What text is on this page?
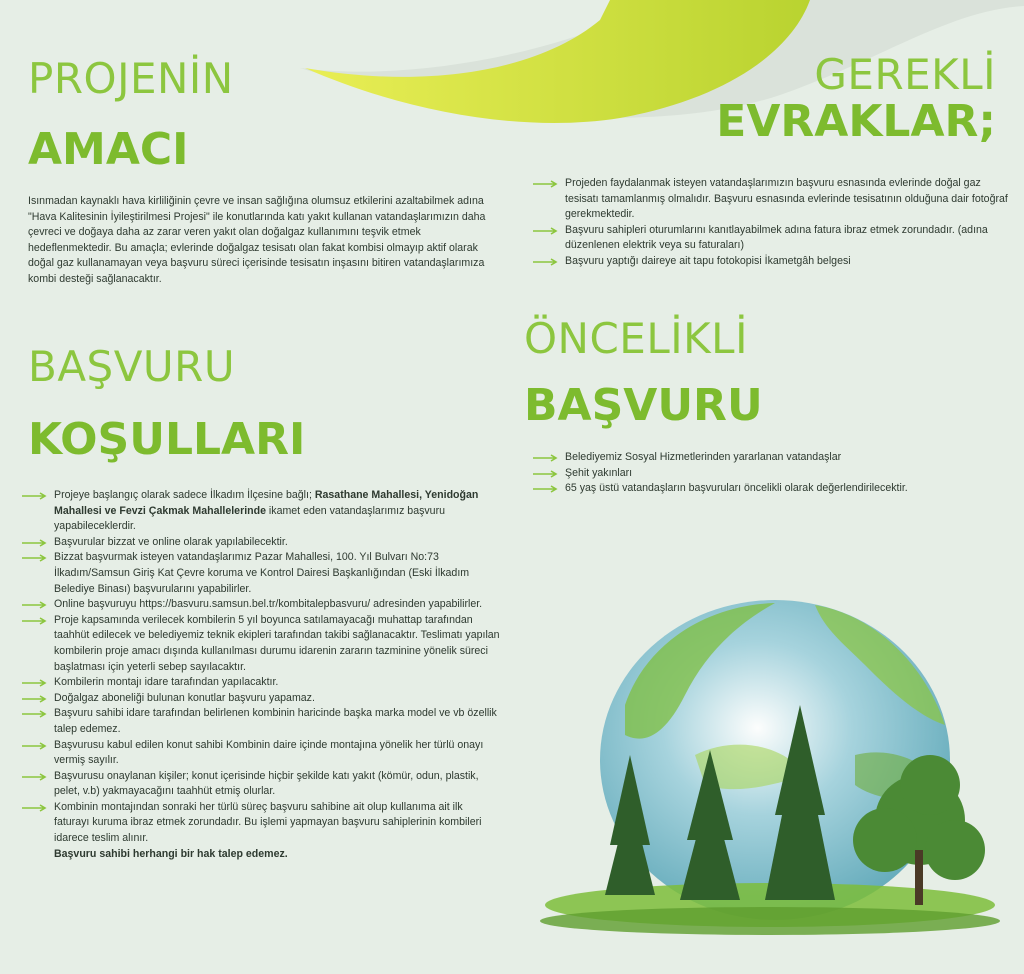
PROJENİN
AMACI

Isınmadan kaynaklı hava kirliliğinin çevre ve insan sağlığına olumsuz etkilerini azaltabilmek adına "Hava Kalitesinin İyileştirilmesi Projesi" ile konutlarında katı yakıt kullanan vatandaşlarımızın daha çevreci ve doğaya daha az zarar veren yakıt olan doğalgaz kullanımını teşvik etmek hedeflenmektedir. Bu amaçla; evlerinde doğalgaz tesisatı olan fakat kombisi olmayıp aktif olarak doğal gaz kullanamayan veya başvuru süreci içerisinde tesisatın inşasını bitiren vatandaşlarımıza kombi desteği sağlanacaktır.

BAŞVURU
KOŞULLARI
Projeye başlangıç olarak sadece İlkadım İlçesine bağlı; Rasathane Mahallesi, Yenidoğan Mahallesi ve Fevzi Çakmak Mahallelerinde ikamet eden vatandaşlarımız başvuru yapabileceklerdir.
Başvurular bizzat ve online olarak yapılabilecektir.
Bizzat başvurmak isteyen vatandaşlarımız Pazar Mahallesi, 100. Yıl Bulvarı No:73 İlkadım/Samsun Giriş Kat Çevre koruma ve Kontrol Dairesi Başkanlığından (Eski İlkadım Belediye Binası) başvurularını yapabilirler.
Online başvuruyu https://basvuru.samsun.bel.tr/kombitalepbasvuru/ adresinden yapabilirler.
Proje kapsamında verilecek kombilerin 5 yıl boyunca satılamayacağı muhattap tarafından taahhüt edilecek ve belediyemiz teknik ekipleri tarafından takibi sağlanacaktır. Teslimatı yapılan kombilerin proje amacı dışında kullanılması durumu idarenin zararın tazminine yönelik süreci başlatması için yeterli sebep sayılacaktır.
Kombilerin montajı idare tarafından yapılacaktır.
Doğalgaz aboneliği bulunan konutlar başvuru yapamaz.
Başvuru sahibi idare tarafından belirlenen kombinin haricinde başka marka model ve vb özellik talep edemez.
Başvurusu kabul edilen konut sahibi Kombinin daire içinde montajına yönelik her türlü onayı vermiş sayılır.
Başvurusu onaylanan kişiler; konut içerisinde hiçbir şekilde katı yakıt (kömür, odun, plastik, pelet, v.b) yakmayacağını taahhüt etmiş olurlar.
Kombinin montajından sonraki her türlü süreç başvuru sahibine ait olup kullanıma ait ilk faturayı kuruma ibraz etmek zorundadır. Bu işlemi yapmayan başvuru sahiplerinin kombileri idarece teslim alınır.
Başvuru sahibi herhangi bir hak talep edemez.
GEREKLİ
EVRAKLAR;
Projeden faydalanmak isteyen vatandaşlarımızın başvuru esnasında evlerinde doğal gaz tesisatı tamamlanmış olmalıdır. Başvuru esnasında evlerinde tesisatının olduğuna dair fotoğraf gerekmektedir.
Başvuru sahipleri oturumlarını kanıtlayabilmek adına fatura ibraz etmek zorundadır. (adına düzenlenen elektrik veya su faturaları)
Başvuru yaptığı daireye ait tapu fotokopisi İkametgâh belgesi
ÖNCELİKLİ
BAŞVURU
Belediyemiz Sosyal Hizmetlerinden yararlanan vatandaşlar
Şehit yakınları
65 yaş üstü vatandaşların başvuruları öncelikli olarak değerlendirilecektir.
